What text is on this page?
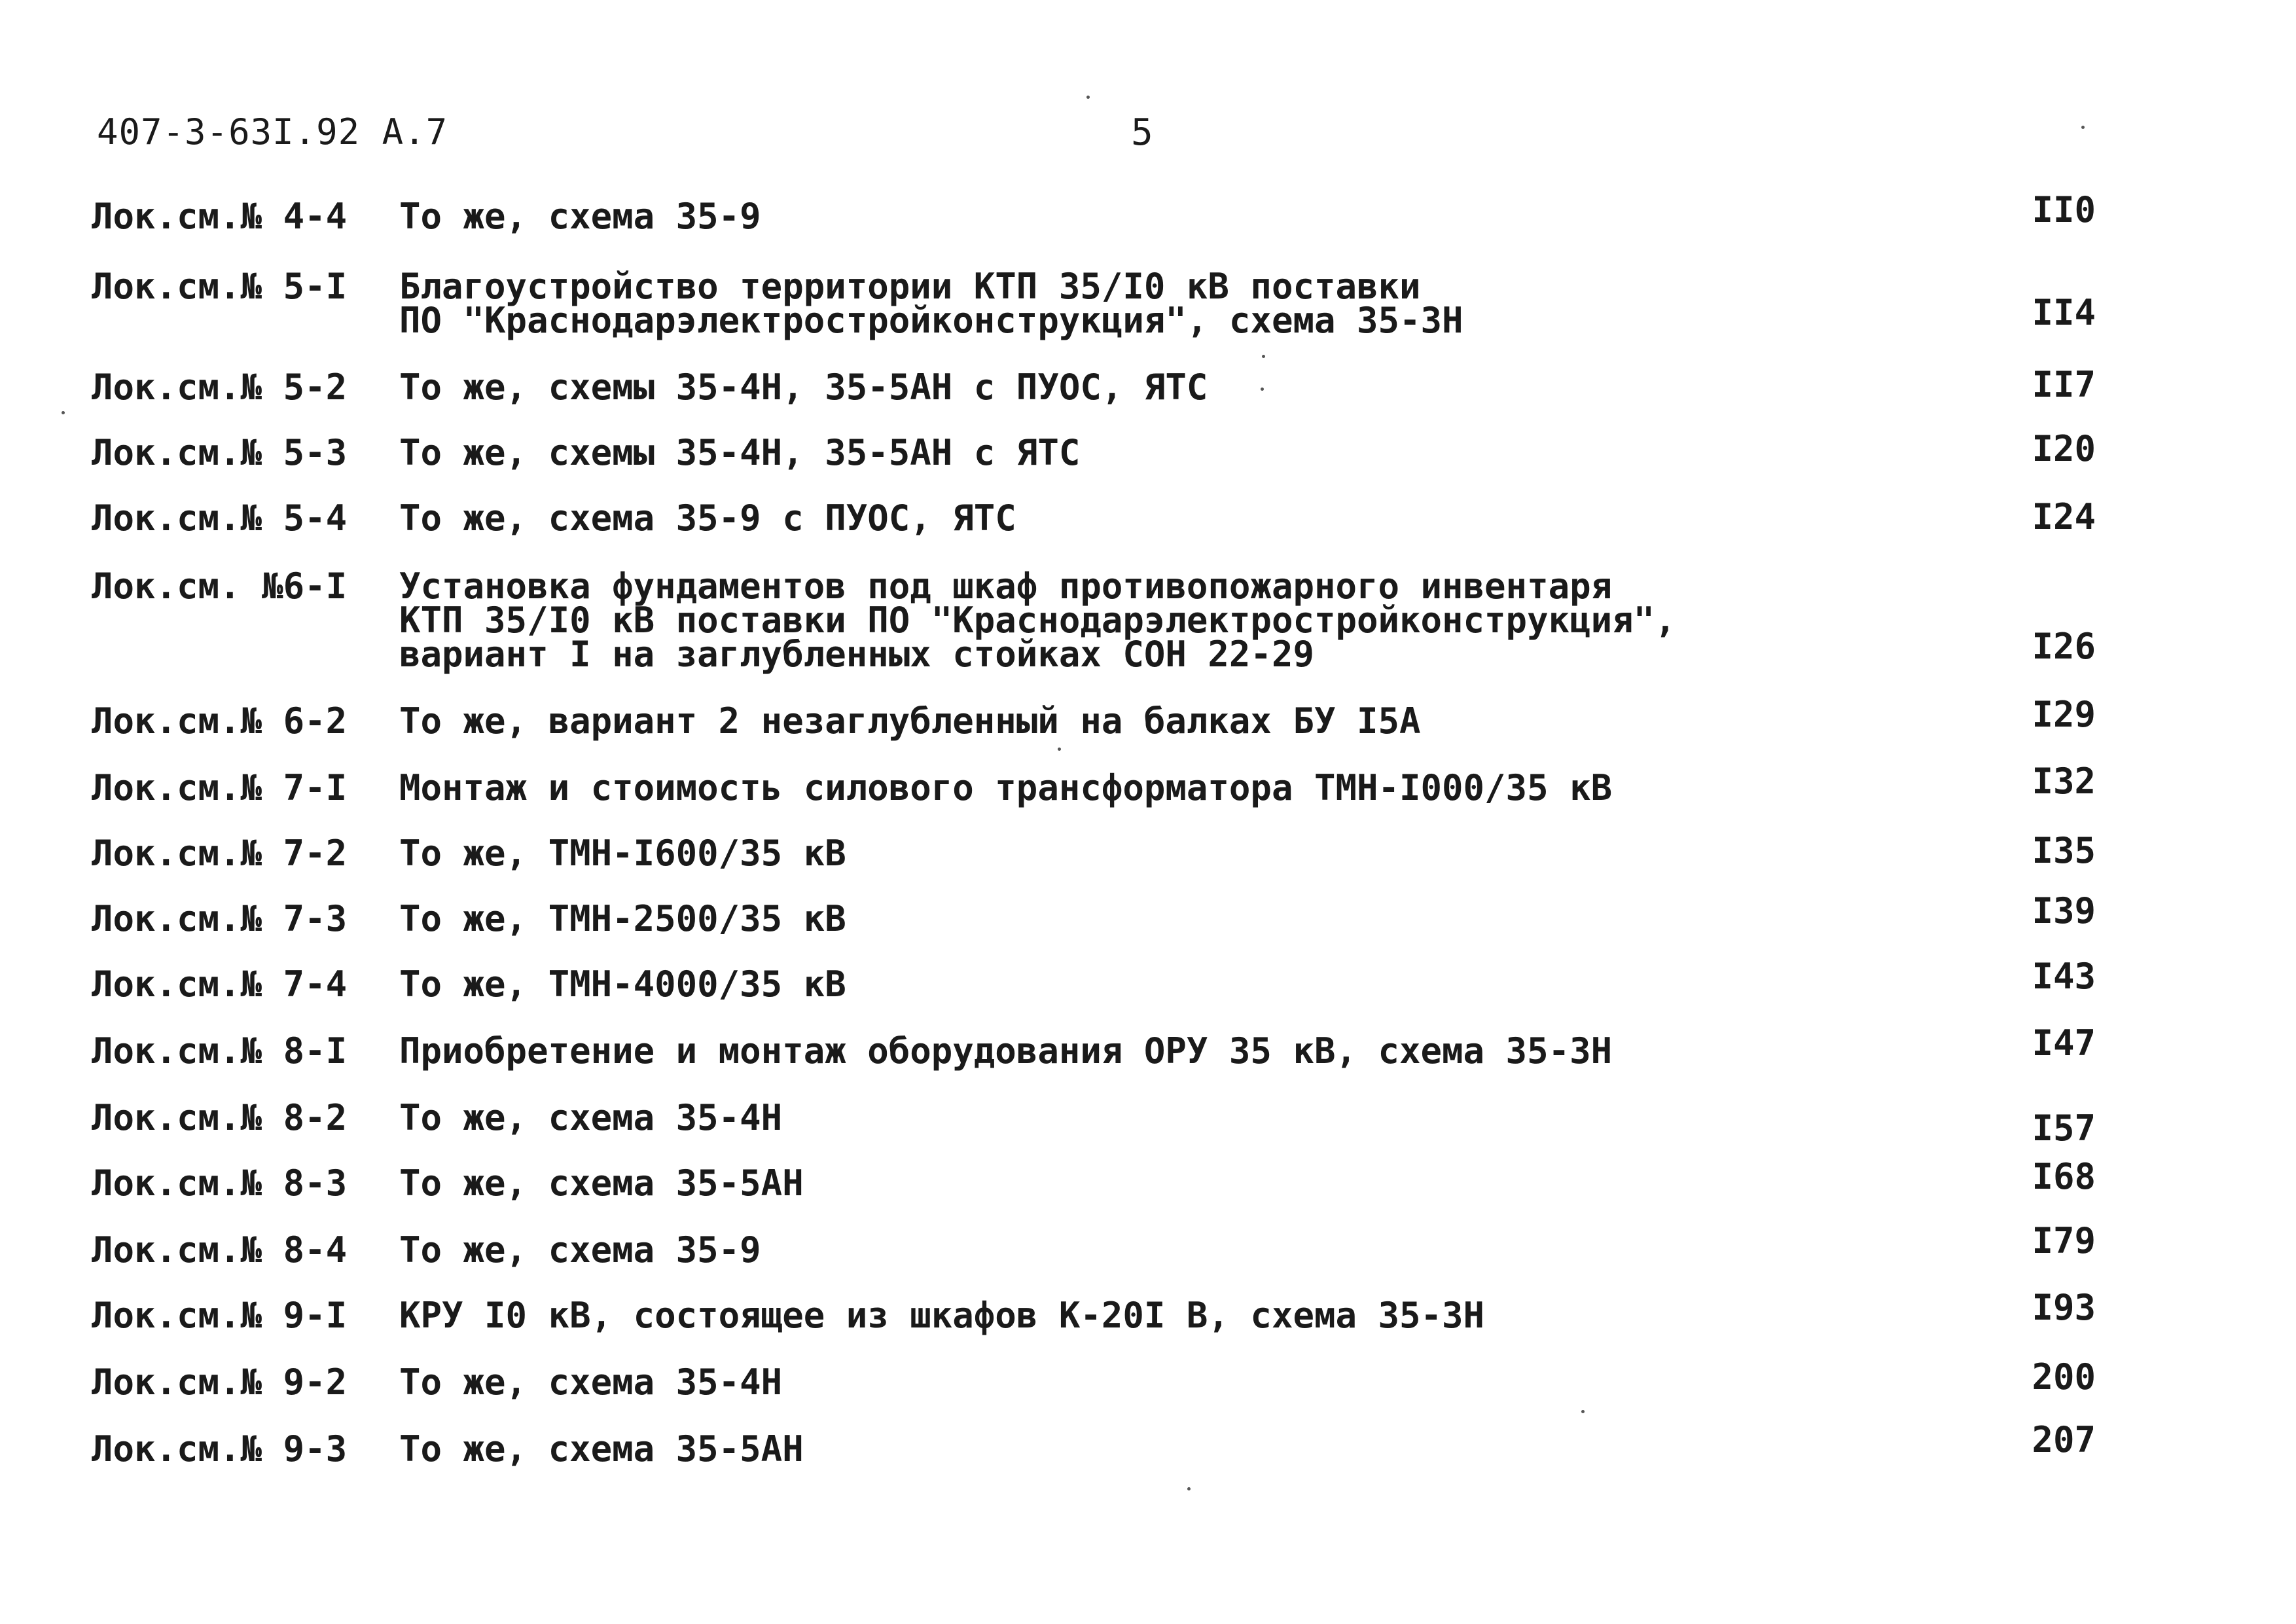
407-3-63I.92 А.7	5
Лок.см.№ 4-4 То же, схема 35-9	II0
Лок.см.№ 5-I Благоустройство территории КТП 35/I0 кВ поставки
ПО "Краснодарэлектростройконструкция", схема 35-3Н	II4
Лок.см.№ 5-2 То же, схемы 35-4Н, 35-5АН с ПУОС, ЯТС	II7
Лок.см.№ 5-3 То же, схемы 35-4Н, 35-5АН с ЯТС	I20
Лок.см.№ 5-4 То же, схема 35-9 с ПУОС, ЯТС	I24
Лок.см. №6-I Установка фундаментов под шкаф противопожарного инвентаря
КТП 35/I0 кВ поставки ПО "Краснодарэлектростройконструкция",
вариант I на заглубленных стойках СОН 22-29	I26
Лок.см.№ 6-2 То же, вариант 2 незаглубленный на балках БУ I5А	I29
Лок.см.№ 7-I Монтаж и стоимость силового трансформатора ТМН-I000/35 кВ	I32
Лок.см.№ 7-2 То же, ТМН-I600/35 кВ	I35
Лок.см.№ 7-3 То же, ТМН-2500/35 кВ	I39
Лок.см.№ 7-4 То же, ТМН-4000/35 кВ	I43
Лок.см.№ 8-I Приобретение и монтаж оборудования ОРУ 35 кВ, схема 35-3Н	I47
Лок.см.№ 8-2 То же, схема 35-4Н	I57
Лок.см.№ 8-3 То же, схема 35-5АН	I68
Лок.см.№ 8-4 То же, схема 35-9	I79
Лок.см.№ 9-I КРУ I0 кВ, состоящее из шкафов К-20I В, схема 35-3Н	I93
Лок.см.№ 9-2 То же, схема 35-4Н	200
Лок.см.№ 9-3 То же, схема 35-5АН	207
